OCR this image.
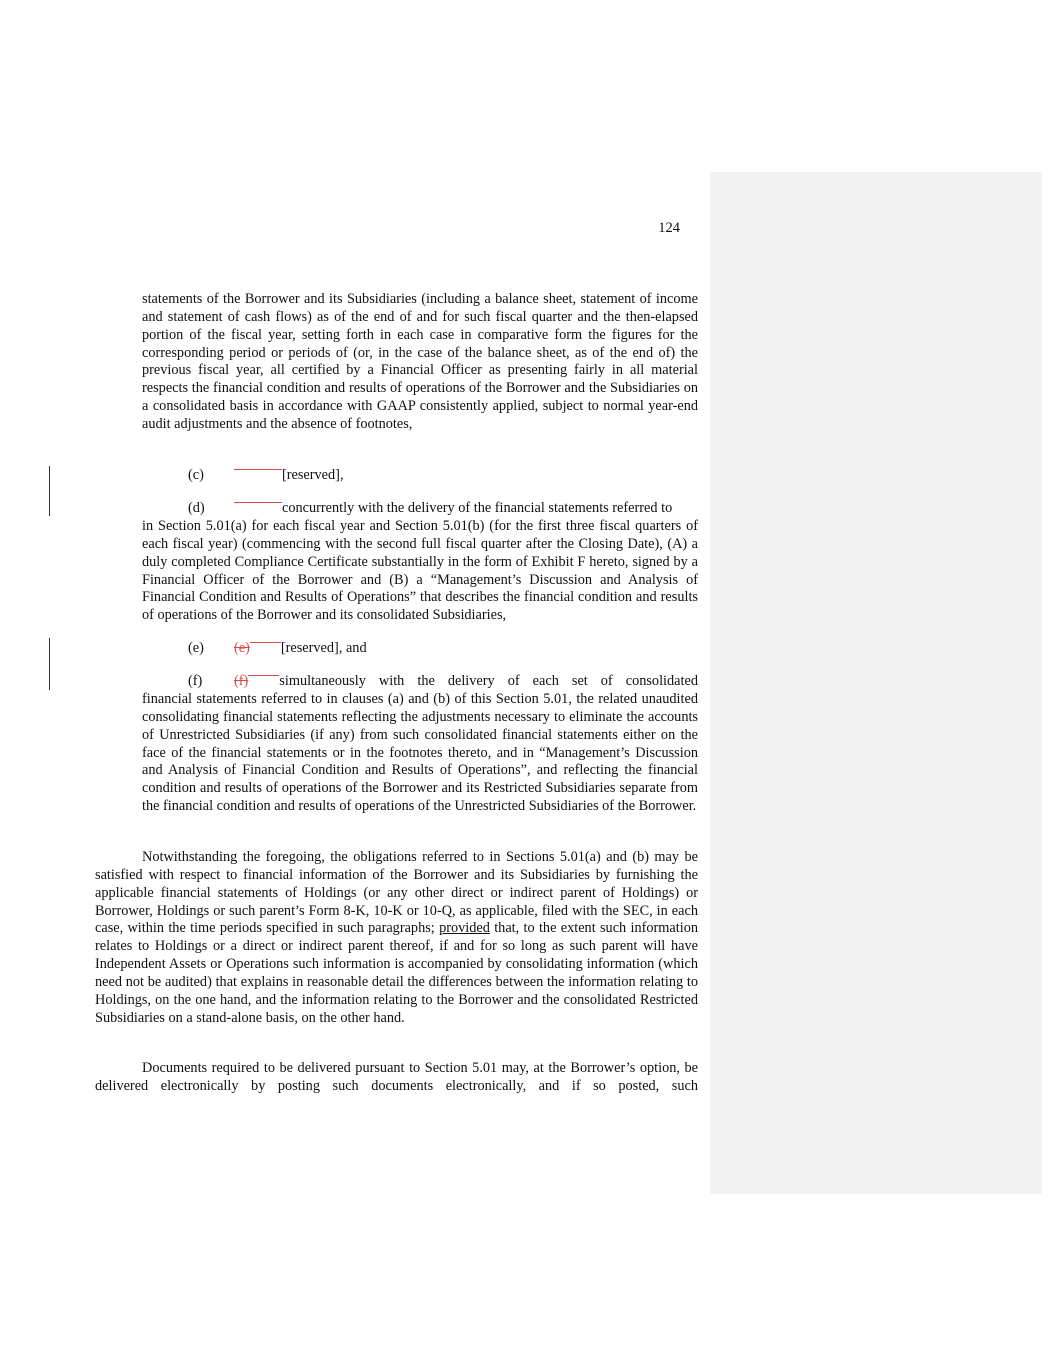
124

statements of the Borrower and its Subsidiaries (including a balance sheet, statement of income and statement of cash flows) as of the end of and for such fiscal quarter and the then-elapsed portion of the fiscal year, setting forth in each case in comparative form the figures for the corresponding period or periods of (or, in the case of the balance sheet, as of the end of) the previous fiscal year, all certified by a Financial Officer as presenting fairly in all material respects the financial condition and results of operations of the Borrower and the Subsidiaries on a consolidated basis in accordance with GAAP consistently applied, subject to normal year-end audit adjustments and the absence of footnotes,

(c)	[reserved],
(d)	concurrently with the delivery of the financial statements referred to

in Section 5.01(a) for each fiscal year and Section 5.01(b) (for the first three fiscal quarters of each fiscal year) (commencing with the second full fiscal quarter after the Closing Date), (A) a duly completed Compliance Certificate substantially in the form of Exhibit F hereto, signed by a Financial Officer of the Borrower and (B) a “Management’s Discussion and Analysis of Financial Condition and Results of Operations” that describes the financial condition and results of operations of the Borrower and its consolidated Subsidiaries,

(e) (e) [reserved], and
(f)	(f) simultaneously with the delivery of each set of consolidated

financial statements referred to in clauses (a) and (b) of this Section 5.01, the related unaudited consolidating financial statements reflecting the adjustments necessary to eliminate the accounts of Unrestricted Subsidiaries (if any) from such consolidated financial statements either on the face of the financial statements or in the footnotes thereto, and in “Management’s Discussion and Analysis of Financial Condition and Results of Operations”, and reflecting the financial condition and results of operations of the Borrower and its Restricted Subsidiaries separate from the financial condition and results of operations of the Unrestricted Subsidiaries of the Borrower.

Notwithstanding the foregoing, the obligations referred to in Sections 5.01(a) and (b) may be satisfied with respect to financial information of the Borrower and its Subsidiaries by furnishing the applicable financial statements of Holdings (or any other direct or indirect parent of Holdings) or Borrower, Holdings or such parent’s Form 8-K, 10-K or 10-Q, as applicable, filed with the SEC, in each case, within the time periods specified in such paragraphs; provided that, to the extent such information relates to Holdings or a direct or indirect parent thereof, if and for so long as such parent will have Independent Assets or Operations such information is accompanied by consolidating information (which need not be audited) that explains in reasonable detail the differences between the information relating to Holdings, on the one hand, and the information relating to the Borrower and the consolidated Restricted Subsidiaries on a stand-alone basis, on the other hand.

Documents required to be delivered pursuant to Section 5.01 may, at the Borrower’s option, be delivered electronically by posting such documents electronically, and if so posted, such
